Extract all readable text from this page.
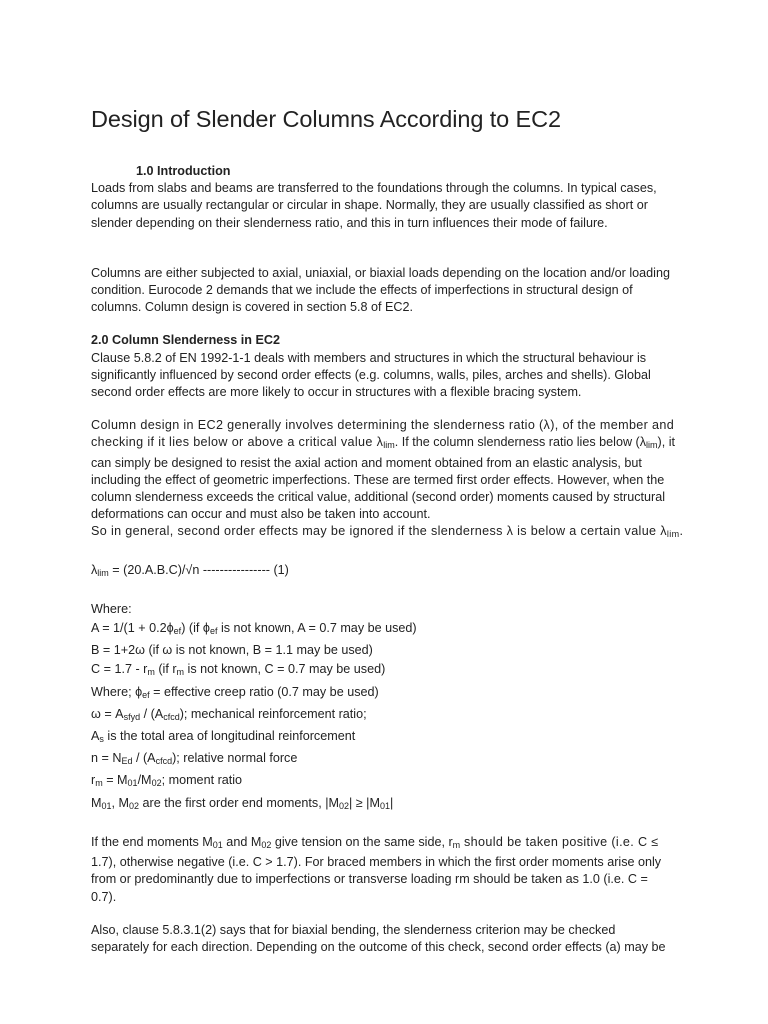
Design of Slender Columns According to EC2

1.0 Introduction

Loads from slabs and beams are transferred to the foundations through the columns. In typical cases,
columns are usually rectangular or circular in shape. Normally, they are usually classified as short or
slender depending on their slenderness ratio, and this in turn influences their mode of failure.

Columns are either subjected to axial, uniaxial, or biaxial loads depending on the location and/or loading
condition. Eurocode 2 demands that we include the effects of imperfections in structural design of
columns. Column design is covered in section 5.8 of EC2.

2.0 Column Slenderness in EC2

Clause 5.8.2 of EN 1992-1-1 deals with members and structures in which the structural behaviour is
significantly influenced by second order effects (e.g. columns, walls, piles, arches and shells). Global
second order effects are more likely to occur in structures with a flexible bracing system.

Column design in EC2 generally involves determining the slenderness ratio (λ), of the member and
checking if it lies below or above a critical value $\lambda_{lim}$. If the column slenderness ratio lies below $(\lambda_{lim})$, it
can simply be designed to resist the axial action and moment obtained from an elastic analysis, but
including the effect of geometric imperfections. These are termed first order effects. However, when the
column slenderness exceeds the critical value, additional (second order) moments caused by structural
deformations can occur and must also be taken into account.
So in general, second order effects may be ignored if the slenderness λ is below a certain value $\lambda_{lim}$.

$\lambda_{lim} = (20.A.B.C)/√n$ ---------------- (1)

Where:
$A = 1/(1 + 0.2\phi_{ef})$ (if $\phi_{ef}$ is not known, A = 0.7 may be used)
B = 1+2ω (if ω is not known, B = 1.1 may be used)
$C = 1.7 - r_m$ (if $r_m$ is not known, C = 0.7 may be used)
Where; $\phi_{ef}$ = effective creep ratio (0.7 may be used)
$\omega = A_{sfyd} / (A_{cfcd})$; mechanical reinforcement ratio;
$A_s$ is the total area of longitudinal reinforcement
$n = N_{Ed} / (A_{cfcd})$; relative normal force
$r_m = M_{01}/M_{02}$; moment ratio
$M_{01}$, $M_{02}$ are the first order end moments, $|M_{02}| \ge |M_{01}|$

If the end moments $M_{01}$ and $M_{02}$ give tension on the same side, $r_m$ should be taken positive (i.e. C ≤
1.7), otherwise negative (i.e. C > 1.7). For braced members in which the first order moments arise only
from or predominantly due to imperfections or transverse loading rm should be taken as 1.0 (i.e. C =
0.7).

Also, clause 5.8.3.1(2) says that for biaxial bending, the slenderness criterion may be checked
separately for each direction. Depending on the outcome of this check, second order effects (a) may be
